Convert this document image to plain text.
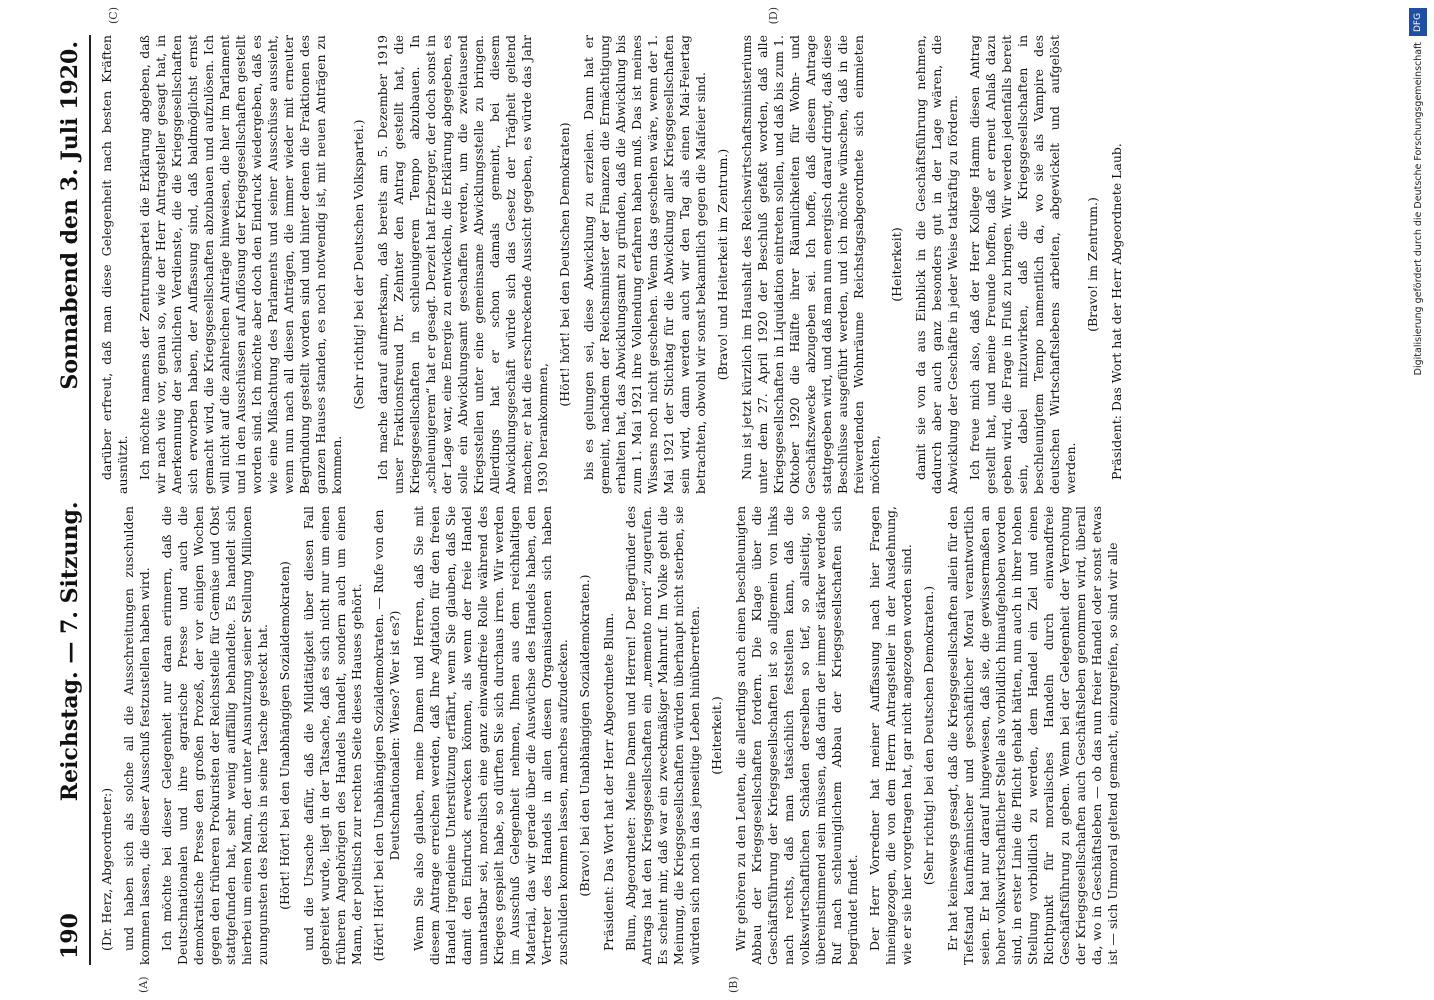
190
Reichstag. — 7. Sitzung.
Sonnabend den 3. Juli 1920.
(A)	(B)
(C)	(D)

(Dr. Herz, Abgeordneter:) und haben sich als solche all die Ausschreitungen zuschulden kommen lassen, die dieser Ausschuß festzustellen haben wird. Ich möchte bei dieser Gelegenheit nur daran erinnern, daß die Deutschnationalen und ihre agrarische Presse und auch die demokratische Presse den großen Prozeß, der vor einigen Wochen gegen den früheren Prokuristen der Reichsstelle für Gemüse und Obst stattgefunden hat, sehr wenig auffällig behandelte. Es handelt sich hierbei um einen Mann, der unter Ausnutzung seiner Stellung Millionen zuungunsten des Reichs in seine Tasche gesteckt hat. (Hört! Hört! bei den Unabhängigen Sozialdemokraten) und die Ursache dafür, daß die Mildtätigkeit über diesen Fall gebreitet wurde, liegt in der Tatsache, daß es sich nicht nur um einen früheren Angehörigen des Handels handelt, sondern auch um einen Mann, der politisch zur rechten Seite dieses Hauses gehört. (Hört! Hört! bei den Unabhängigen Sozialdemokraten. — Rufe von den Deutschnationalen: Wieso? Wer ist es?) Wenn Sie also glauben, meine Damen und Herren, daß Sie mit diesem Antrage erreichen werden, daß Ihre Agitation für den freien Handel irgendeine Unterstützung erfährt, wenn Sie glauben, daß Sie damit den Eindruck erwecken können, als wenn der freie Handel unantastbar sei, moralisch eine ganz einwandfreie Rolle während des Krieges gespielt habe, so dürften Sie sich durchaus irren. Wir werden im Ausschuß Gelegenheit nehmen, Ihnen aus dem reichhaltigen Material, das wir gerade über die Auswüchse des Handels haben, den Vertreter des Handels in allen diesen Organisationen sich haben zuschulden kommen lassen, manches aufzudecken. (Bravo! bei den Unabhängigen Sozialdemokraten.) Präsident: Das Wort hat der Herr Abgeordnete Blum. Blum, Abgeordneter: Meine Damen und Herren! Der Begründer des Antrags hat den Kriegsgesellschaften ein „memento mori“ zugerufen. Es scheint mir, daß war ein zweckmäßiger Mahnruf. Im Volke geht die Meinung, die Kriegsgesellschaften würden überhaupt nicht sterben, sie würden sich noch in das jenseitige Leben hinüberretten. (Heiterkeit.) Wir gehören zu den Leuten, die allerdings auch einen beschleunigten Abbau der Kriegsgesellschaften fordern. Die Klage über die Geschäftsführung der Kriegsgesellschaften ist so allgemein von links nach rechts, daß man tatsächlich feststellen kann, daß die volkswirtschaftlichen Schäden derselben so tief, so allseitig, so übereinstimmend sein müssen, daß darin der immer stärker werdende Ruf nach schleuniglichem Abbau der Kriegsgesellschaften sich begründet findet. Der Herr Vorredner hat meiner Auffassung nach hier Fragen hineingezogen, die von dem Herrn Antragsteller in der Ausdehnung, wie er sie hier vorgetragen hat, gar nicht angezogen worden sind. (Sehr richtig! bei den Deutschen Demokraten.) Er hat keineswegs gesagt, daß die Kriegsgesellschaften allein für den Tiefstand kaufmännischer und geschäftlicher Moral verantwortlich seien. Er hat nur darauf hingewiesen, daß sie, die gewissermaßen an hoher volkswirtschaftlicher Stelle als vorbildlich hinaufgehoben worden sind, in erster Linie die Pflicht gehabt hätten, nun auch in ihrer hohen Stellung vorbildlich zu werden, dem Handel ein Ziel und einen Richtpunkt für moralisches Handeln durch einwandfreie Geschäftsführung zu geben. Wenn bei der Gelegenheit der Verrohung der Kriegsgesellschaften auch Geschäftsleben genommen wird, überall da, wo in Geschäftsleben — ob das nun freier Handel oder sonst etwas ist — sich Unmoral geltend gemacht, einzugreifen, so sind wir alle

darüber erfreut, daß man diese Gelegenheit nach besten Kräften ausnützt. Ich möchte namens der Zentrumspartei die Erklärung abgeben, daß wir nach wie vor, genau so, wie der Herr Antragsteller gesagt hat, in Anerkennung der sachlichen Verdienste, die die Kriegsgesellschaften sich erworben haben, der Auffassung sind, daß baldmöglichst ernst gemacht wird, die Kriegsgesellschaften abzubauen und aufzulösen. Ich will nicht auf die zahlreichen Anträge hinweisen, die hier im Parlament und in den Ausschüssen auf Auflösung der Kriegsgesellschaften gestellt worden sind. Ich möchte aber doch den Eindruck wiedergeben, daß es wie eine Mißachtung des Parlaments und seiner Ausschüsse aussieht, wenn nun nach all diesen Anträgen, die immer wieder mit erneuter Begründung gestellt worden sind und hinter denen die Fraktionen des ganzen Hauses standen, es noch notwendig ist, mit neuen Anträgen zu kommen.

(Sehr richtig! bei der Deutschen Volkspartei.) Ich mache darauf aufmerksam, daß bereits am 5. Dezember 1919 unser Fraktionsfreund Dr. Zehnter den Antrag gestellt hat, die Kriegsgesellschaften in schleunigerem Tempo abzubauen. In „schleunigerem“ hat er gesagt. Derzeit hat Erzberger, der doch sonst in der Lage war, eine Energie zu entwickeln, die Erklärung abgegeben, es solle ein Abwicklungsamt geschaffen werden, um die zweitausend Kriegsstellen unter eine gemeinsame Abwicklungsstelle zu bringen. Allerdings hat er schon damals gemeint, bei diesem Abwicklungsgeschäft würde sich das Gesetz der Trägheit geltend machen; er hat die erschreckende Aussicht gegeben, es würde das Jahr 1930 herankommen,

(Hört! hört! bei den Deutschen Demokraten) bis es gelungen sei, diese Abwicklung zu erzielen. Dann hat er gemeint, nachdem der Reichsminister der Finanzen die Ermächtigung erhalten hat, das Abwicklungsamt zu gründen, daß die Abwicklung bis zum 1. Mai 1921 ihre Vollendung erfahren haben muß. Das ist meines Wissens noch nicht geschehen. Wenn das geschehen wäre, wenn der 1. Mai 1921 der Stichtag für die Abwicklung aller Kriegsgesellschaften sein wird, dann werden auch wir den Tag als einen Mai-Feiertag betrachten, obwohl wir sonst bekanntlich gegen die Maifeier sind. (Bravo! und Heiterkeit im Zentrum.) Nun ist jetzt kürzlich im Haushalt des Reichswirtschaftsministeriums unter dem 27. April 1920 der Beschluß gefaßt worden, daß alle Kriegsgesellschaften in Liquidation eintreten sollen, und daß bis zum 1. Oktober 1920 die Hälfte ihrer Räumlichkeiten für Wohn- und Geschäftszwecke abzugeben sei. Ich hoffe, daß diesem Antrage stattgegeben wird, und daß man nun energisch darauf dringt, daß diese Beschlüsse ausgeführt werden, und ich möchte wünschen, daß in die freiwerdenden Wohnräume Reichstagsabgeordnete sich einmieten möchten,

(Heiterkeit) damit sie von da aus Einblick in die Geschäftsführung nehmen, dadurch aber auch ganz besonders gut in der Lage wären, die Abwicklung der Geschäfte in jeder Weise tatkräftig zu fördern. Ich freue mich also, daß der Herr Kollege Hamm diesen Antrag gestellt hat, und meine Freunde hoffen, daß er erneut Anlaß dazu geben wird, die Frage in Fluß zu bringen. Wir werden jedenfalls bereit sein, dabei mitzuwirken, daß die Kriegsgesellschaften in beschleunigtem Tempo namentlich da, wo sie als Vampire des deutschen Wirtschaftslebens arbeiten, abgewickelt und aufgelöst werden.

(Bravo! im Zentrum.) Präsident: Das Wort hat der Herr Abgeordnete Laub.

DFG
Digitalisierung gefördert durch die Deutsche Forschungsgemeinschaft
